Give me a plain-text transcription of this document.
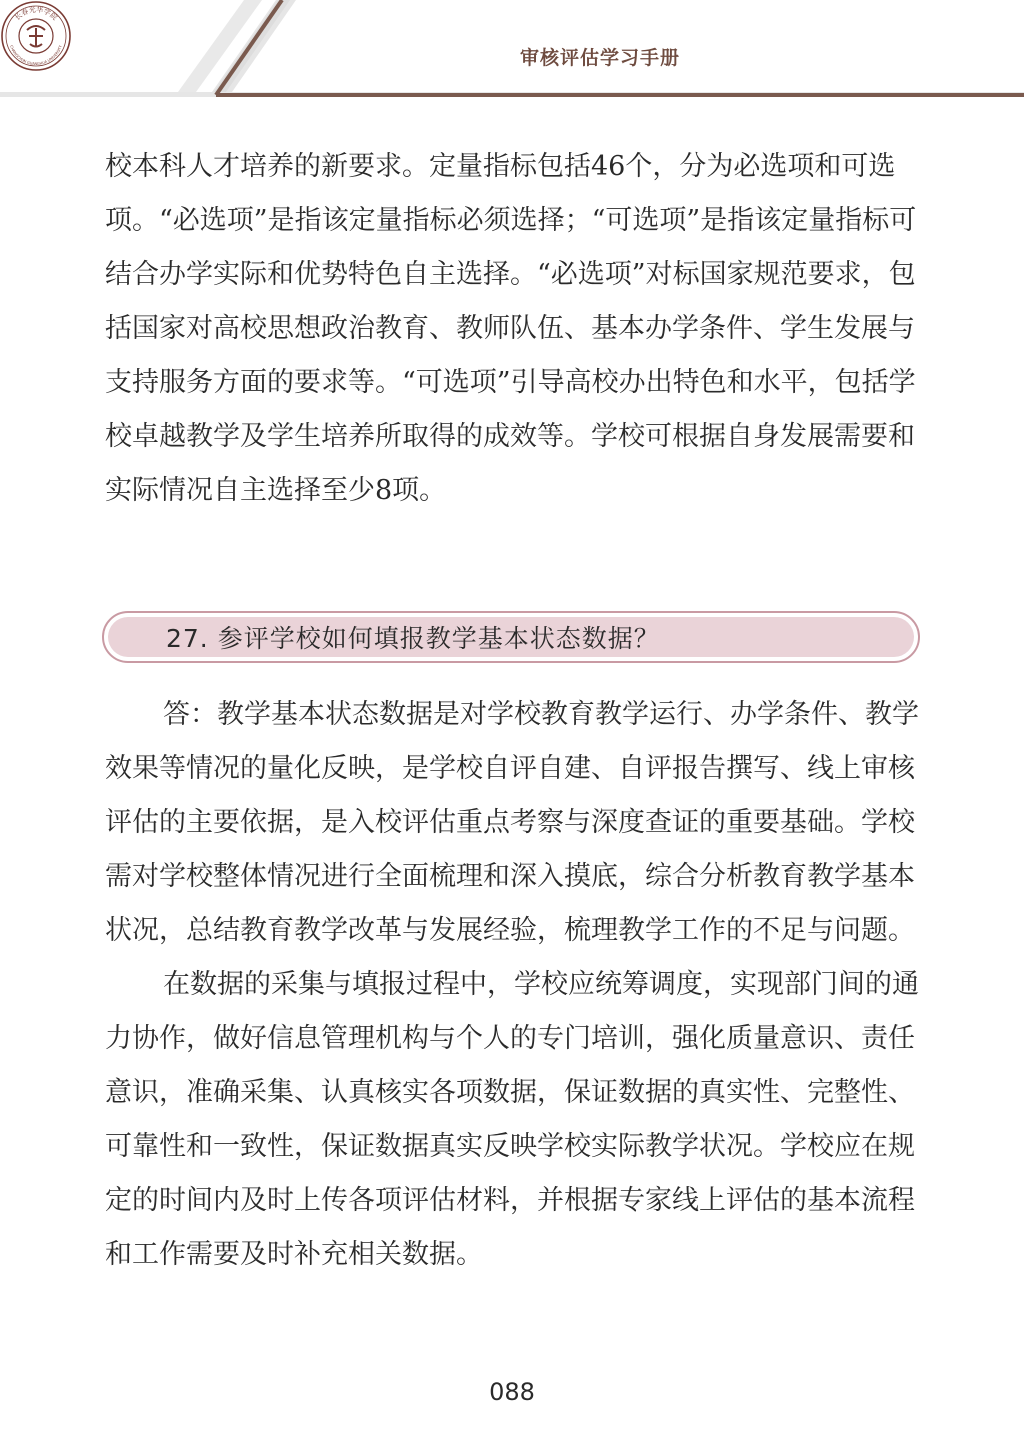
长春光华学院
CHANGCHUN GUANGHUA UNIVERSITY
审核评估学习手册

校本科人才培养的新要求。定量指标包括46个，分为必选项和可选项。“必选项”是指该定量指标必须选择；“可选项”是指该定量指标可结合办学实际和优势特色自主选择。“必选项”对标国家规范要求，包括国家对高校思想政治教育、教师队伍、基本办学条件、学生发展与支持服务方面的要求等。“可选项”引导高校办出特色和水平，包括学校卓越教学及学生培养所取得的成效等。学校可根据自身发展需要和实际情况自主选择至少8项。

27. 参评学校如何填报教学基本状态数据？

答：教学基本状态数据是对学校教育教学运行、办学条件、教学效果等情况的量化反映，是学校自评自建、自评报告撰写、线上审核评估的主要依据，是入校评估重点考察与深度查证的重要基础。学校需对学校整体情况进行全面梳理和深入摸底，综合分析教育教学基本状况，总结教育教学改革与发展经验，梳理教学工作的不足与问题。

在数据的采集与填报过程中，学校应统筹调度，实现部门间的通力协作，做好信息管理机构与个人的专门培训，强化质量意识、责任意识，准确采集、认真核实各项数据，保证数据的真实性、完整性、可靠性和一致性，保证数据真实反映学校实际教学状况。学校应在规定的时间内及时上传各项评估材料，并根据专家线上评估的基本流程和工作需要及时补充相关数据。

088
